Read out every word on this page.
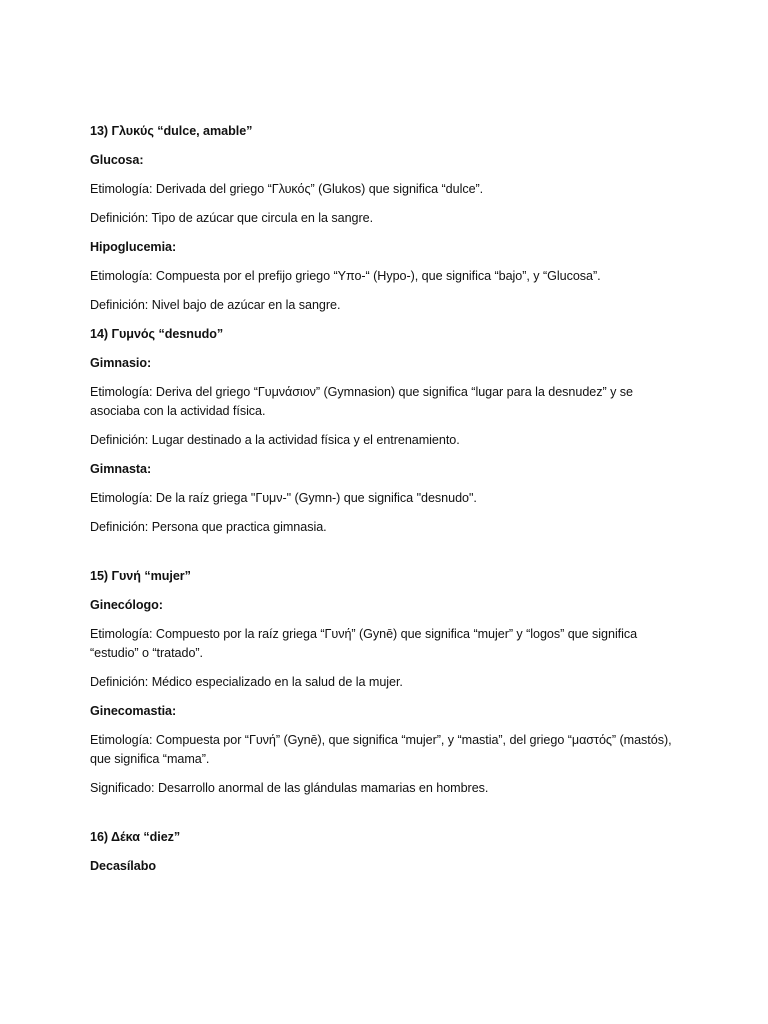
13) Γλυκύς “dulce, amable”

Glucosa:

Etimología: Derivada del griego “Γλυκός” (Glukos) que significa “dulce”.

Definición: Tipo de azúcar que circula en la sangre.

Hipoglucemia:

Etimología: Compuesta por el prefijo griego “Υπο-“ (Hypo-), que significa “bajo”, y “Glucosa”.

Definición: Nivel bajo de azúcar en la sangre.

14) Γυμνός “desnudo”

Gimnasio:

Etimología: Deriva del griego “Γυμνάσιον” (Gymnasion) que significa “lugar para la desnudez” y se asociaba con la actividad física.

Definición: Lugar destinado a la actividad física y el entrenamiento.

Gimnasta:

Etimología: De la raíz griega "Γυμν-" (Gymn-) que significa "desnudo".

Definición: Persona que practica gimnasia.

15) Γυνή “mujer”

Ginecólogo:

Etimología: Compuesto por la raíz griega “Γυνή” (Gynē) que significa “mujer” y “logos” que significa “estudio” o “tratado”.

Definición: Médico especializado en la salud de la mujer.

Ginecomastia:

Etimología: Compuesta por “Γυνή” (Gynē), que significa “mujer”, y “mastia”, del griego “μαστός” (mastós), que significa “mama”.

Significado: Desarrollo anormal de las glándulas mamarias en hombres.

16) Δέκα “diez”

Decasílabo
